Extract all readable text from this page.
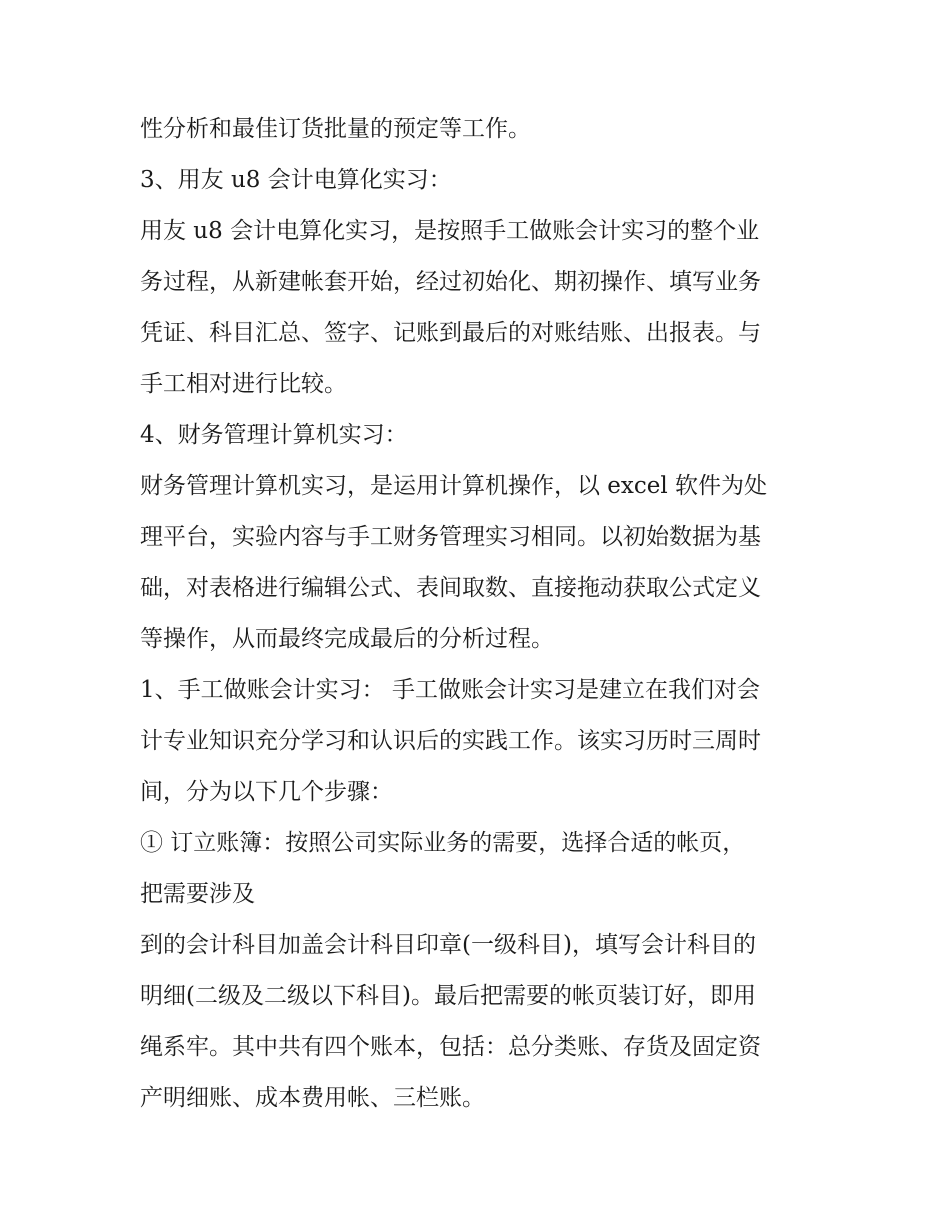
性分析和最佳订货批量的预定等工作。

3、用友 u8 会计电算化实习：

用友 u8 会计电算化实习，是按照手工做账会计实习的整个业

务过程，从新建帐套开始，经过初始化、期初操作、填写业务

凭证、科目汇总、签字、记账到最后的对账结账、出报表。与

手工相对进行比较。

4、财务管理计算机实习：

财务管理计算机实习，是运用计算机操作，以 excel 软件为处

理平台，实验内容与手工财务管理实习相同。以初始数据为基

础，对表格进行编辑公式、表间取数、直接拖动获取公式定义

等操作，从而最终完成最后的分析过程。

1、手工做账会计实习： 手工做账会计实习是建立在我们对会

计专业知识充分学习和认识后的实践工作。该实习历时三周时

间，分为以下几个步骤：

① 订立账簿：按照公司实际业务的需要，选择合适的帐页，

把需要涉及

到的会计科目加盖会计科目印章(一级科目)，填写会计科目的

明细(二级及二级以下科目)。最后把需要的帐页装订好，即用

绳系牢。其中共有四个账本，包括：总分类账、存货及固定资

产明细账、成本费用帐、三栏账。
